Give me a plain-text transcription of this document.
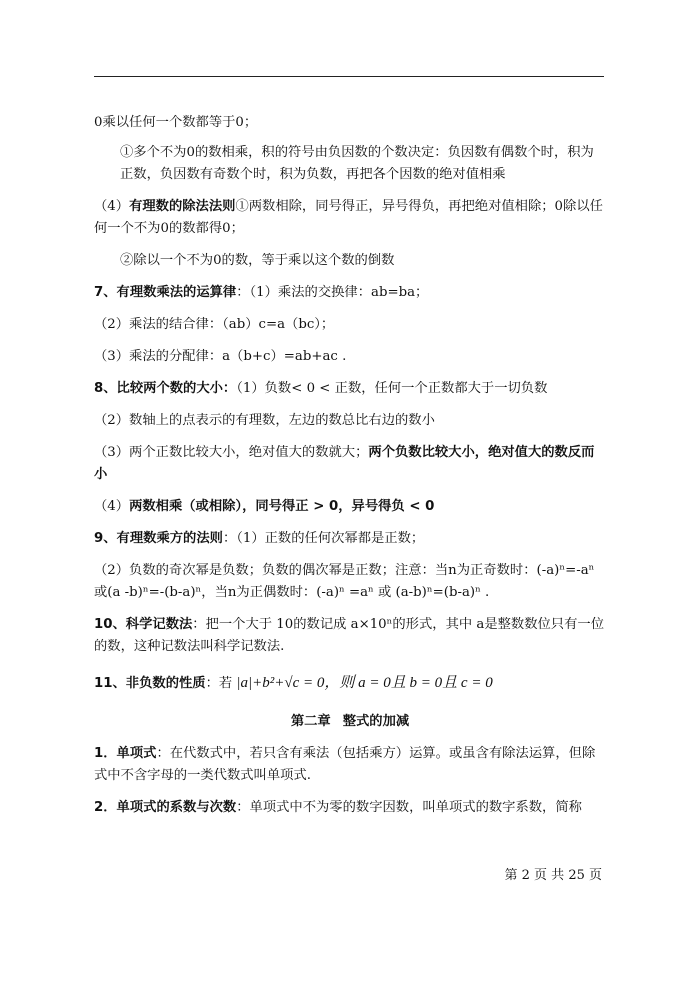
0乘以任何一个数都等于0；

①多个不为0的数相乘，积的符号由负因数的个数决定：负因数有偶数个时，积为正数，负因数有奇数个时，积为负数，再把各个因数的绝对值相乘

（4）有理数的除法法则①两数相除，同号得正，异号得负，再把绝对值相除；0除以任何一个不为0的数都得0；

②除以一个不为0的数，等于乘以这个数的倒数

7、有理数乘法的运算律：（1）乘法的交换律：ab=ba；

（2）乘法的结合律：（ab）c=a（bc）；

（3）乘法的分配律：a（b+c）=ab+ac .

8、比较两个数的大小：（1）负数< 0 < 正数，任何一个正数都大于一切负数

（2）数轴上的点表示的有理数，左边的数总比右边的数小

（3）两个正数比较大小，绝对值大的数就大；两个负数比较大小，绝对值大的数反而小

（4）两数相乘（或相除），同号得正 > 0，异号得负 < 0

9、有理数乘方的法则：（1）正数的任何次幂都是正数；

（2）负数的奇次幂是负数；负数的偶次幂是正数；注意：当n为正奇数时：(-a)ⁿ=-aⁿ或(a -b)ⁿ=-(b-a)ⁿ，当n为正偶数时：(-a)ⁿ =aⁿ 或 (a-b)ⁿ=(b-a)ⁿ .

10、科学记数法：把一个大于 10的数记成 a×10ⁿ的形式，其中 a是整数数位只有一位的数，这种记数法叫科学记数法.

11、非负数的性质：若 |a|+b²+√c = 0，则 a = 0且 b = 0且 c = 0

第二章 整式的加减

1．单项式：在代数式中，若只含有乘法（包括乘方）运算。或虽含有除法运算，但除式中不含字母的一类代数式叫单项式.

2．单项式的系数与次数：单项式中不为零的数字因数，叫单项式的数字系数，简称

第 2 页 共 25 页
